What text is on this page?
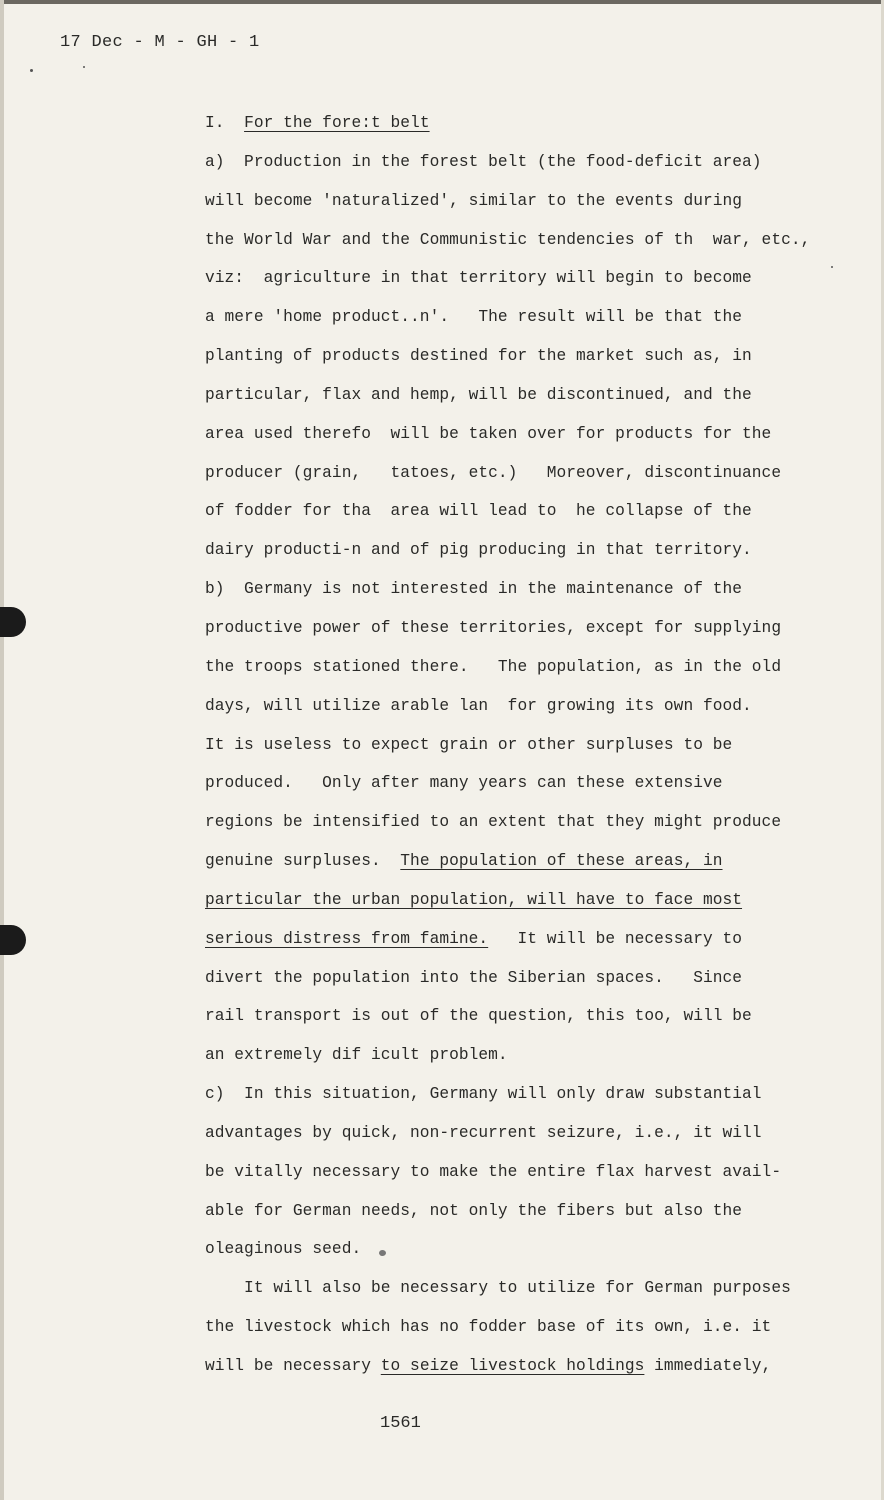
17 Dec - M - GH - 1
I.  For the fore:t belt
a)  Production in the forest belt (the food-deficit area)
will become 'naturalized', similar to the events during
the World War and the Communistic tendencies of th  war, etc.,
viz:  agriculture in that territory will begin to become
a mere 'home product..n'.   The result will be that the
planting of products destined for the market such as, in
particular, flax and hemp, will be discontinued, and the
area used therefo  will be taken over for products for the
producer (grain,   tatoes, etc.)   Moreover, discontinuance
of fodder for tha  area will lead to  he collapse of the
dairy producti-n and of pig producing in that territory.
b)  Germany is not interested in the maintenance of the
productive power of these territories, except for supplying
the troops stationed there.   The population, as in the old
days, will utilize arable lan  for growing its own food.
It is useless to expect grain or other surpluses to be
produced.   Only after many years can these extensive
regions be intensified to an extent that they might produce
genuine surpluses.  The population of these areas, in
particular the urban population, will have to face most
serious distress from famine.   It will be necessary to
divert the population into the Siberian spaces.   Since
rail transport is out of the question, this too, will be
an extremely dif icult problem.
c)  In this situation, Germany will only draw substantial
advantages by quick, non-recurrent seizure, i.e., it will
be vitally necessary to make the entire flax harvest avail-
able for German needs, not only the fibers but also the
oleaginous seed.
It will also be necessary to utilize for German purposes
the livestock which has no fodder base of its own, i.e. it
will be necessary to seize livestock holdings immediately,
1561
